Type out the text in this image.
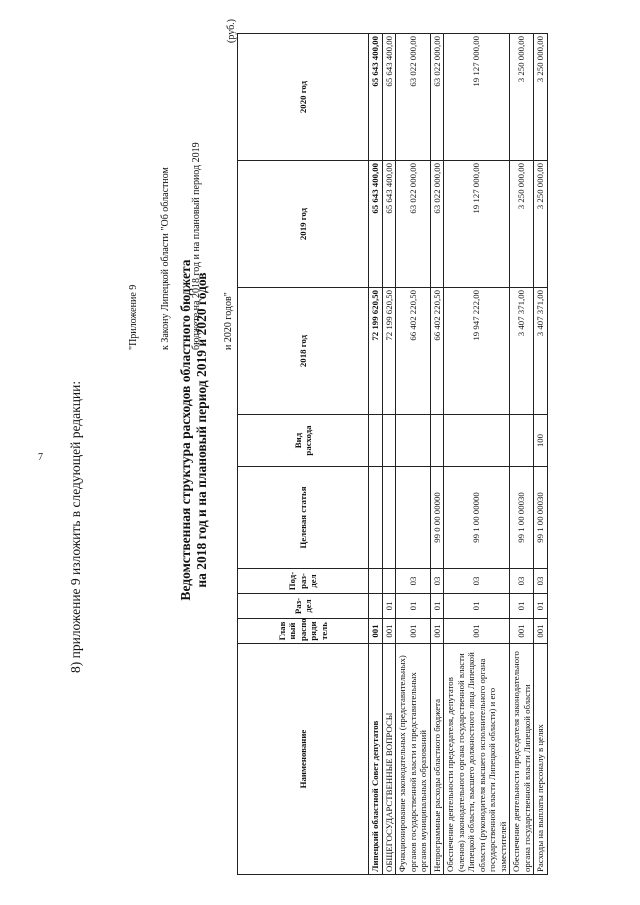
7 8) приложение 9 изложить в следующей редакции:

"Приложение 9

к Закону Липецкой области "Об областном

бюджете на 2018 год и на плановый период 2019

и 2020 годов"

Ведомственная структура расходов областного бюджета на 2018 год и на плановый период 2019 и 2020 годов
(руб.)
Наименование	Глав ный распо ряди тель	Раз- дел	Под- раз- дел	Целевая статья	Вид расхода	2018 год	2019 год	2020 год
Липецкий областной Совет депутатов	001					72 199 620,50	65 643 400,00	65 643 400,00
ОБЩЕГОСУДАРСТВЕННЫЕ ВОПРОСЫ	001	01				72 199 620,50	65 643 400,00	65 643 400,00
Функционирование законодательных (представительных) органов государственной власти и представительных органов муниципальных образований	001	01	03			66 402 220,50	63 022 000,00	63 022 000,00
Непрограммные расходы областного бюджета	001	01	03	99 0 00 00000		66 402 220,50	63 022 000,00	63 022 000,00
Обеспечение деятельности председателя, депутатов (членов) законодательного органа государственной власти Липецкой области, высшего должностного лица Липецкой области (руководителя высшего исполнительного органа государственной власти Липецкой области) и его заместителей	001	01	03	99 1 00 00000		19 947 222,00	19 127 000,00	19 127 000,00
Обеспечение деятельности председателя законодательного органа государственной власти Липецкой области	001	01	03	99 1 00 00030		3 407 371,00	3 250 000,00	3 250 000,00
Расходы на выплаты персоналу в целях	001	01	03	99 1 00 00030	100	3 407 371,00	3 250 000,00	3 250 000,00
